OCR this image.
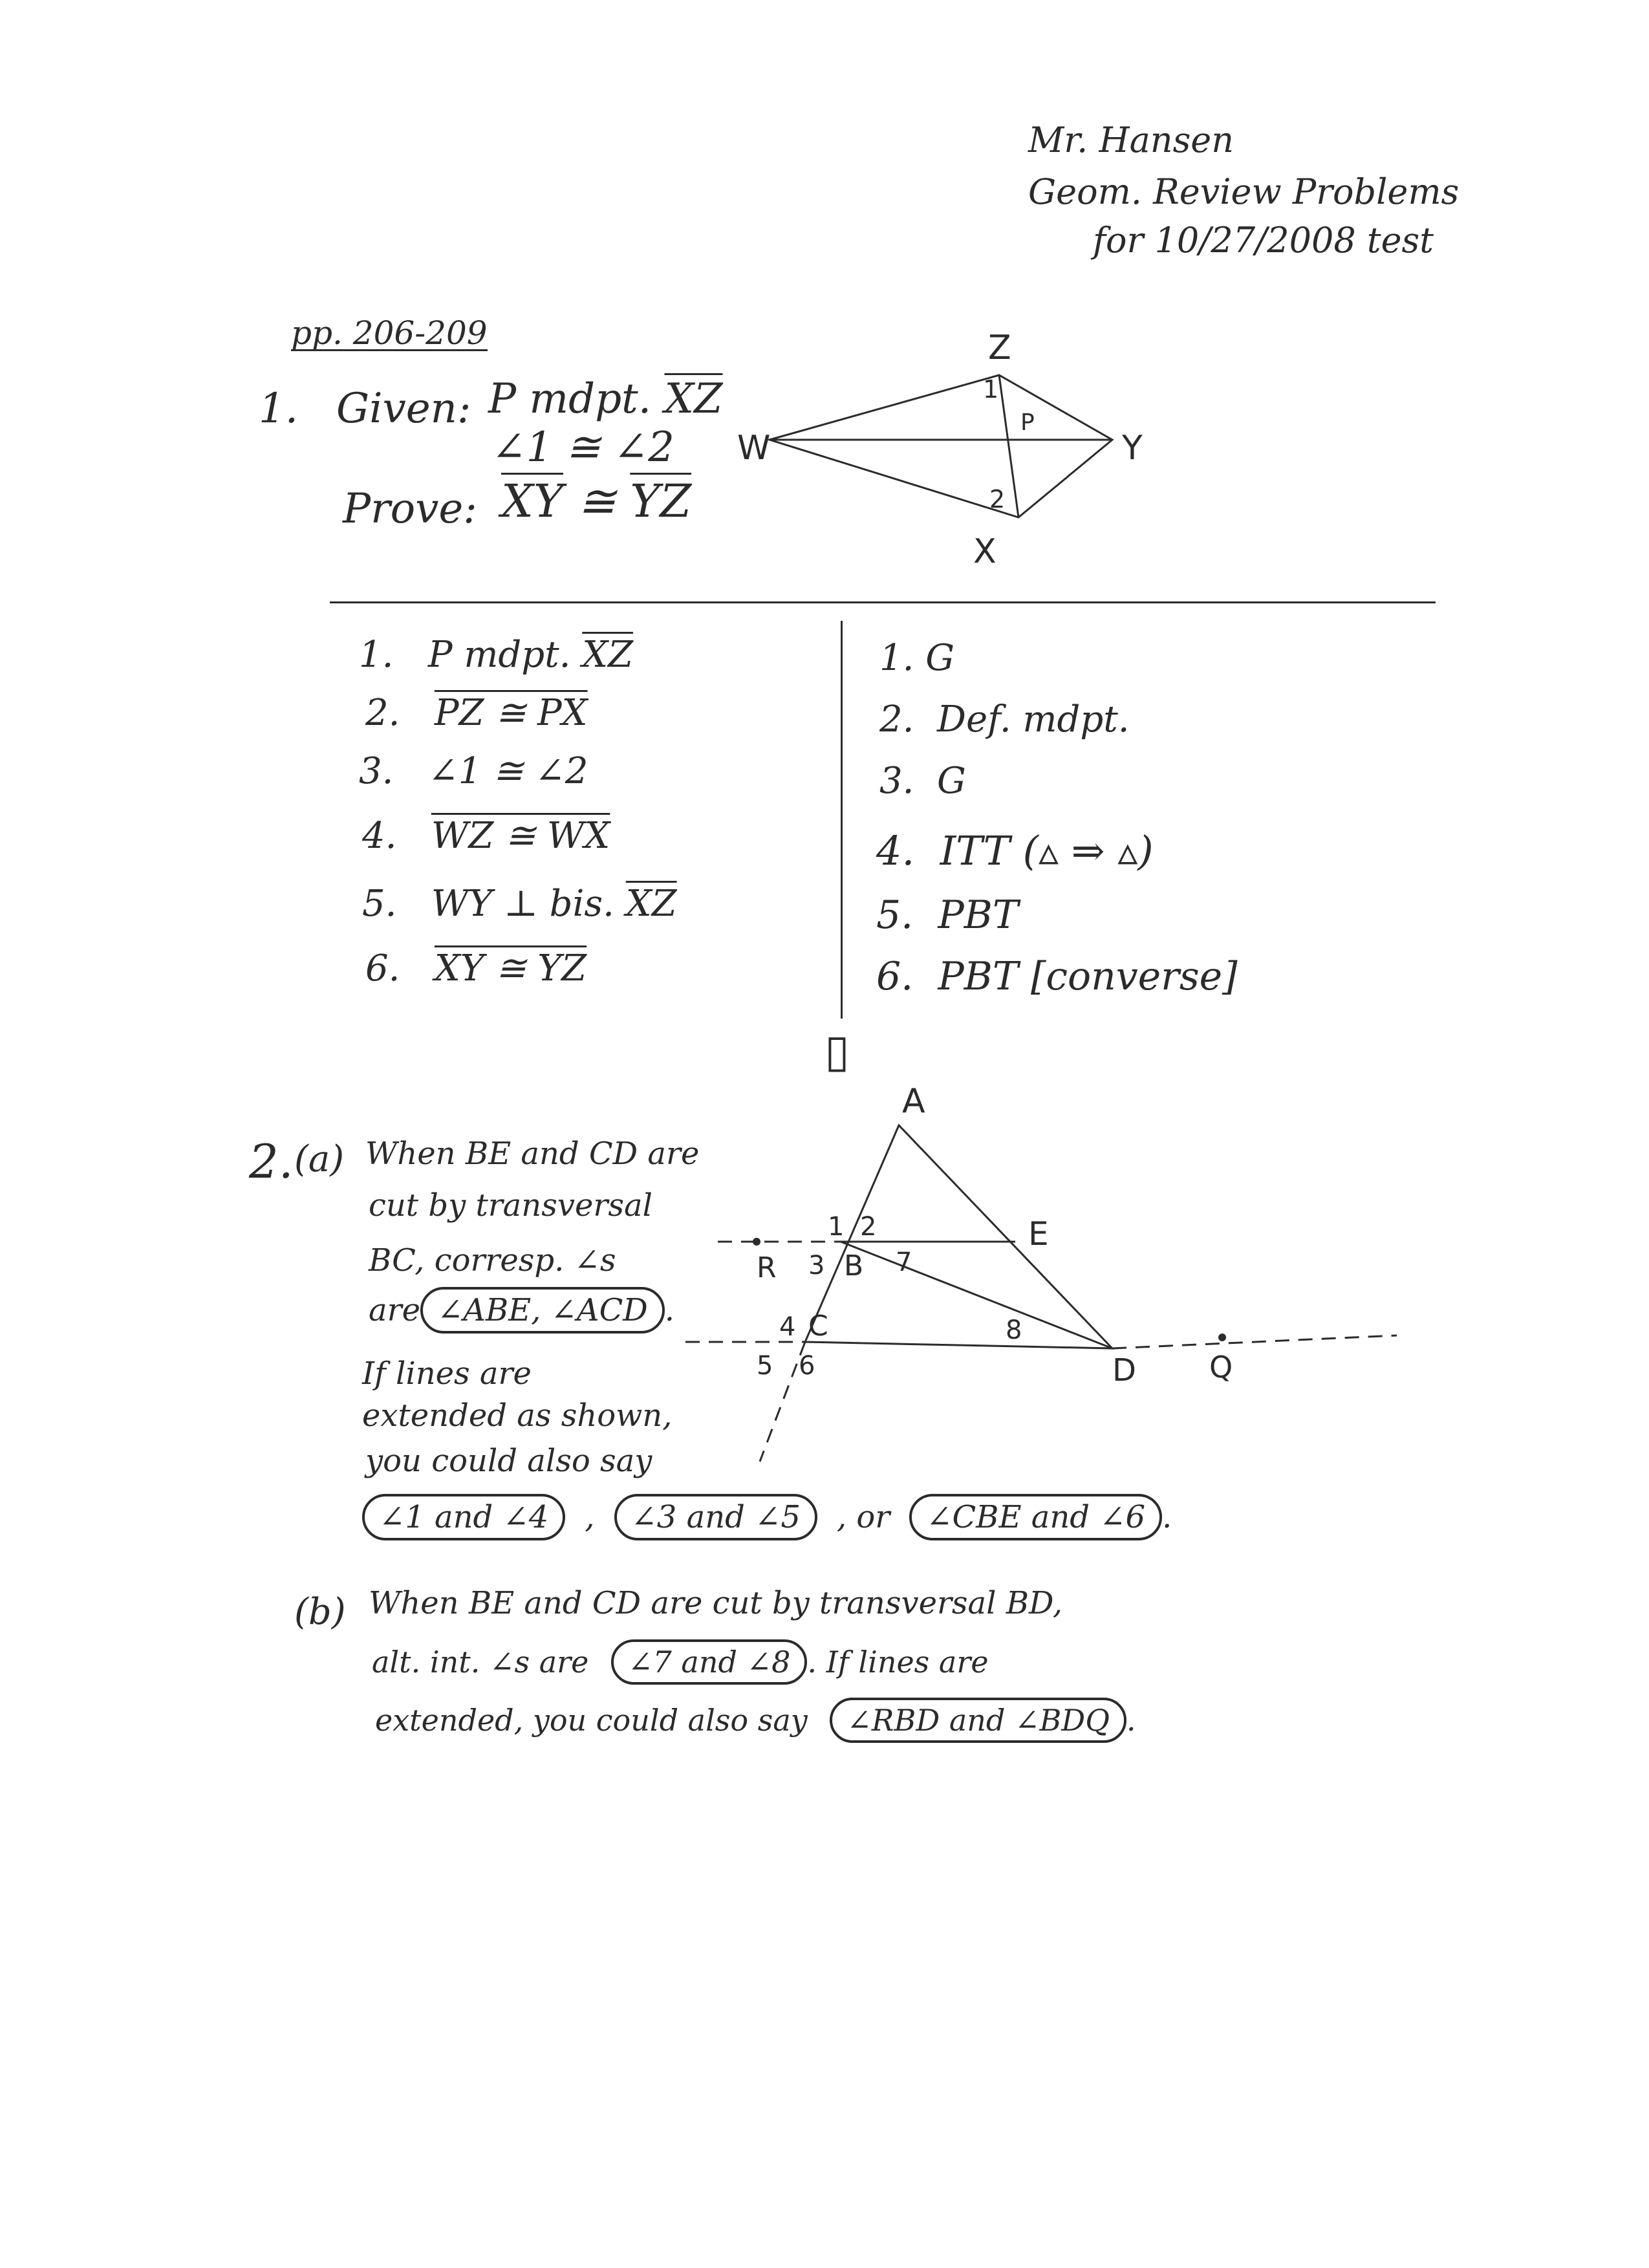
Mr. Hansen
Geom. Review Problems
for 10/27/2008 test
pp. 206-209
1. Given: P mdpt. $\overline{XZ}$
∠1 ≅ ∠2
Prove: $\overline{XY}$ ≅ $\overline{YZ}$
Z
W	Y
X
P
1
2
1. P mdpt. $\overline{XZ}$
2. PZ ≅ PX
3. ∠1 ≅ ∠2
4. WZ ≅ WX
5. WY ⊥ bis. $\overline{XZ}$
6. XY ≅ YZ
1. G
2. Def. mdpt.
3. G
4. ITT (▵ ⇒ ▵)
5. PBT
6. PBT [converse]
▯
A
E
R B
C
D Q
1 2
3
4
5 6
7
8
2. (a) When BE and CD are
cut by transversal
BC, corresp. ∠s
are ∠ABE, ∠ACD .
If lines are
extended as shown,
you could also say
∠1 and ∠4 , ∠3 and ∠5 , or ∠CBE and ∠6 .
(b) When BE and CD are cut by transversal BD,
alt. int. ∠s are ∠7 and ∠8 . If lines are
extended, you could also say ∠RBD and ∠BDQ .
